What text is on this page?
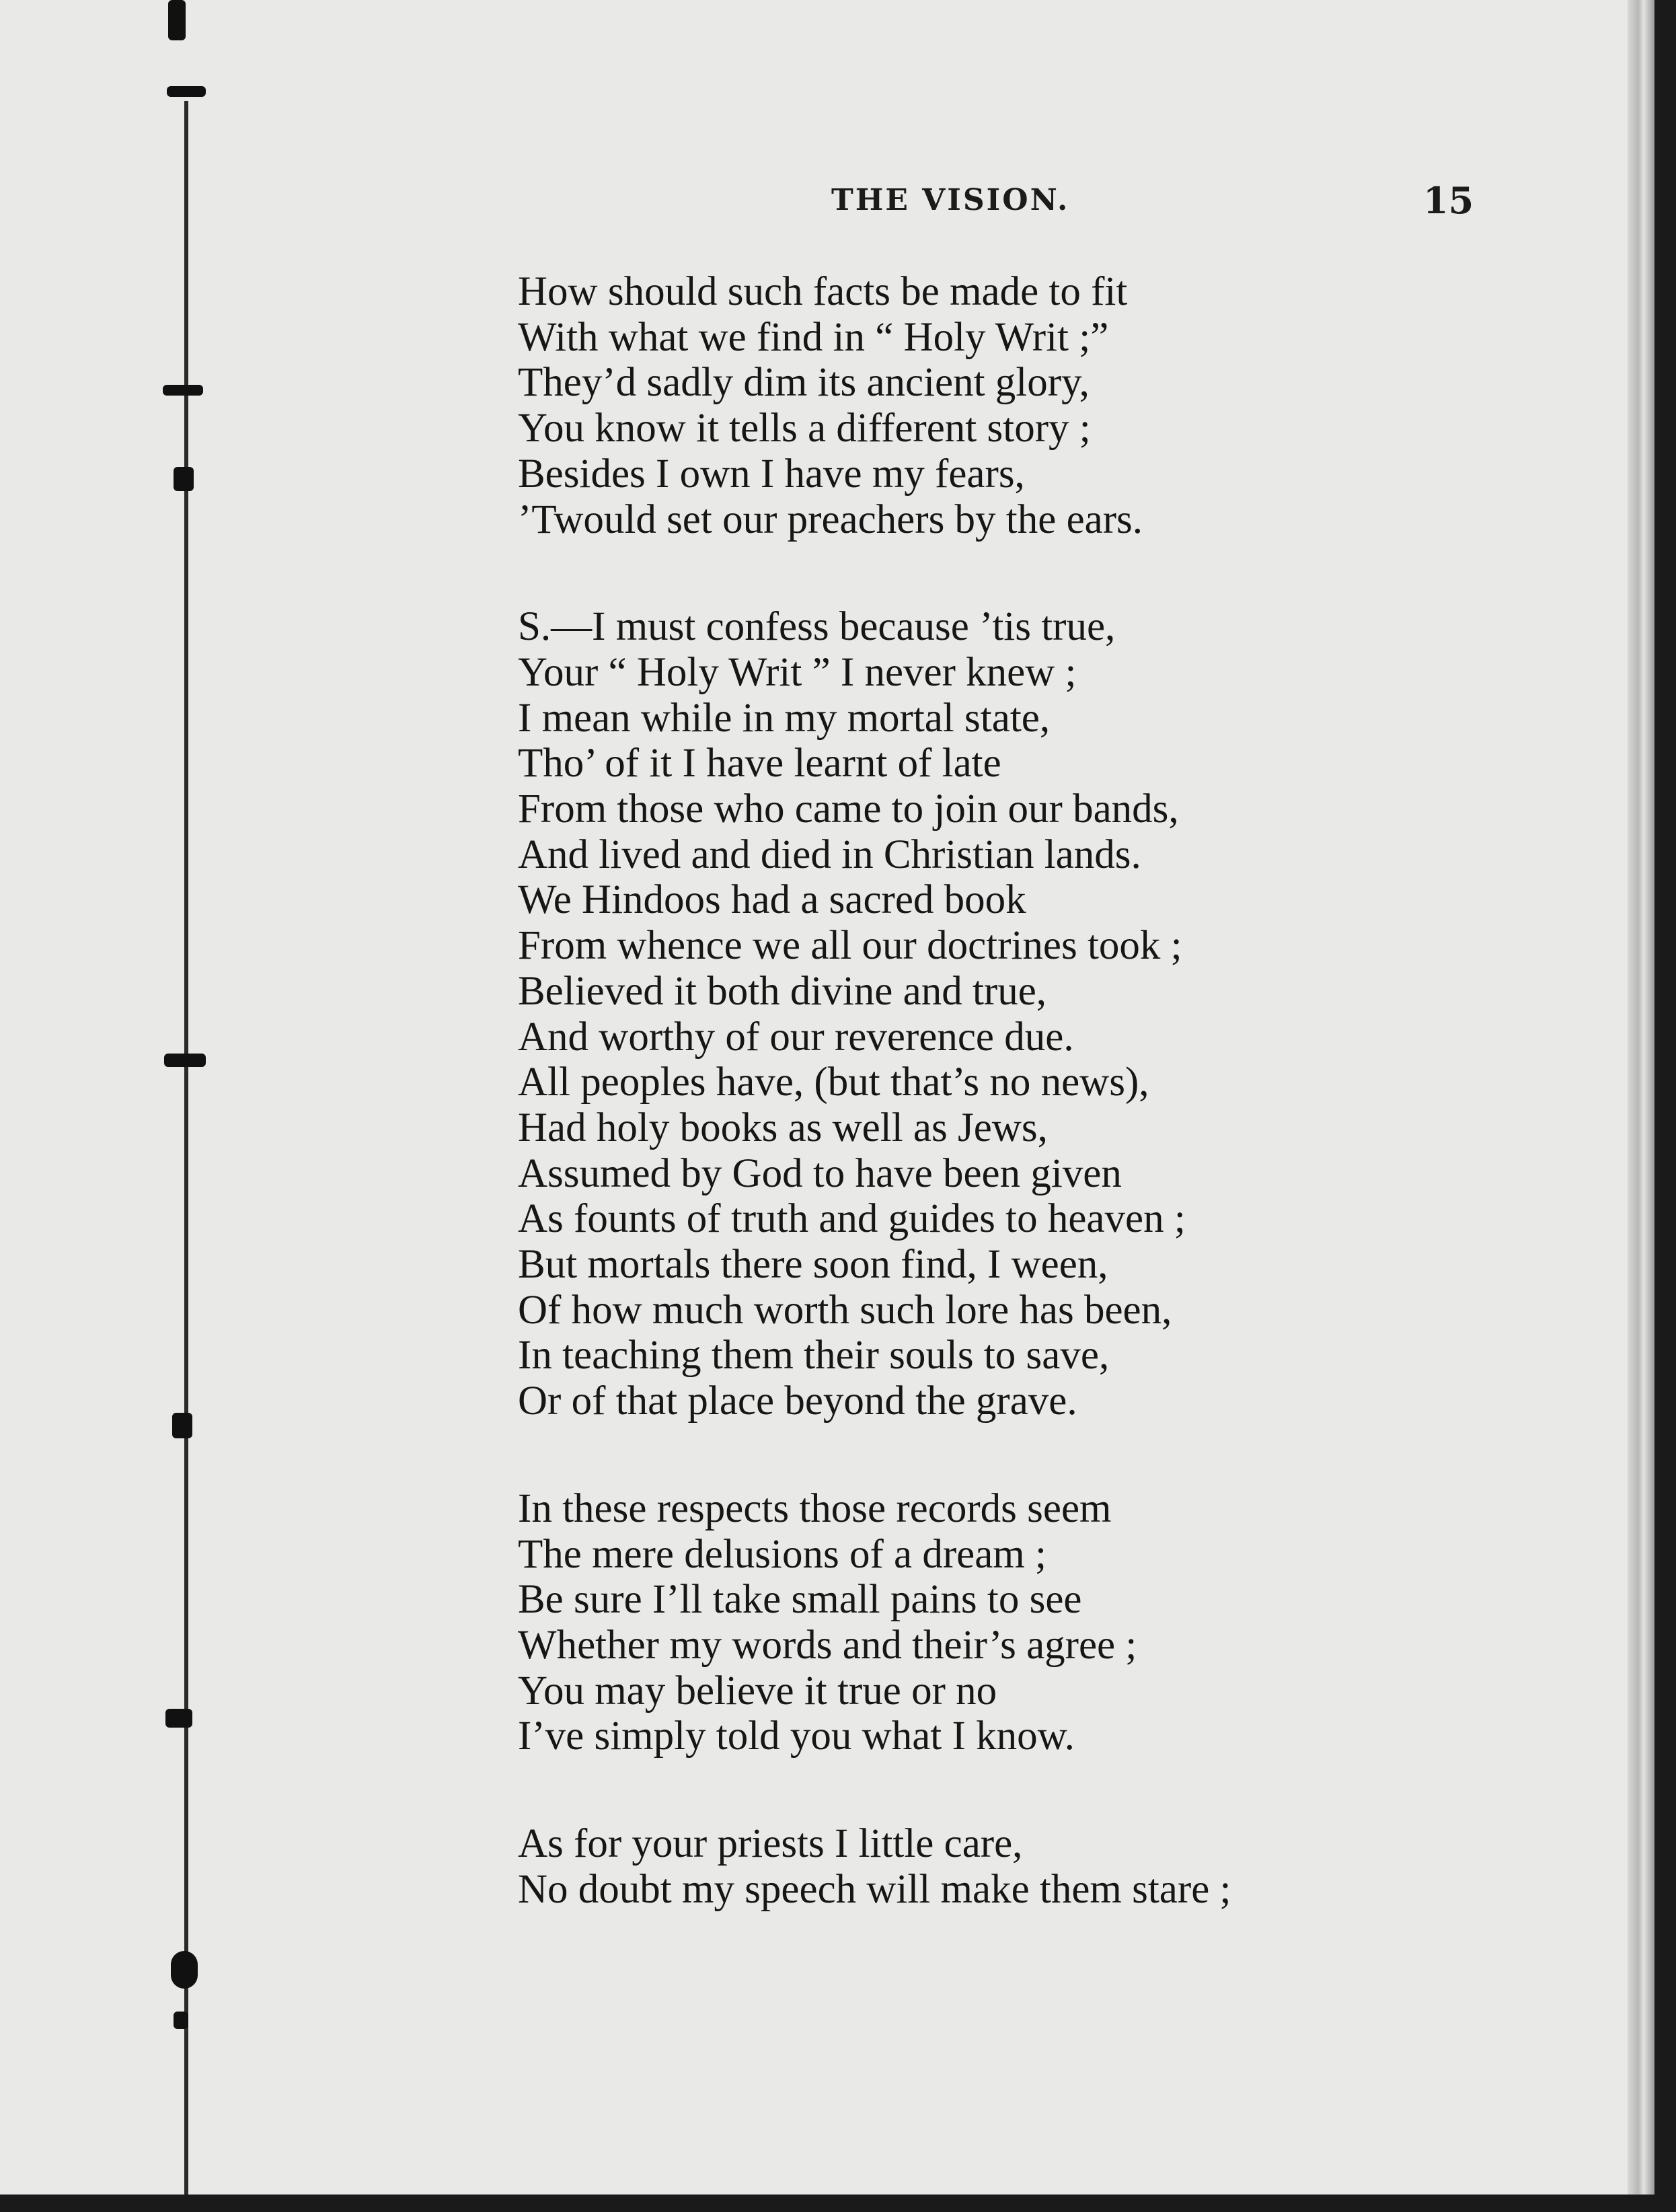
THE VISION.	15
How should such facts be made to fit
With what we find in “ Holy Writ ;”
They’d sadly dim its ancient glory,
You know it tells a different story ;
Besides I own I have my fears,
’Twould set our preachers by the ears.
S.—I must confess because ’tis true,
Your “ Holy Writ ” I never knew ;
I mean while in my mortal state,
Tho’ of it I have learnt of late
From those who came to join our bands,
And lived and died in Christian lands.
We Hindoos had a sacred book
From whence we all our doctrines took ;
Believed it both divine and true,
And worthy of our reverence due.
All peoples have, (but that’s no news),
Had holy books as well as Jews,
Assumed by God to have been given
As founts of truth and guides to heaven ;
But mortals there soon find, I ween,
Of how much worth such lore has been,
In teaching them their souls to save,
Or of that place beyond the grave.
In these respects those records seem
The mere delusions of a dream ;
Be sure I’ll take small pains to see
Whether my words and their’s agree ;
You may believe it true or no
I’ve simply told you what I know.
As for your priests I little care,
No doubt my speech will make them stare ;
